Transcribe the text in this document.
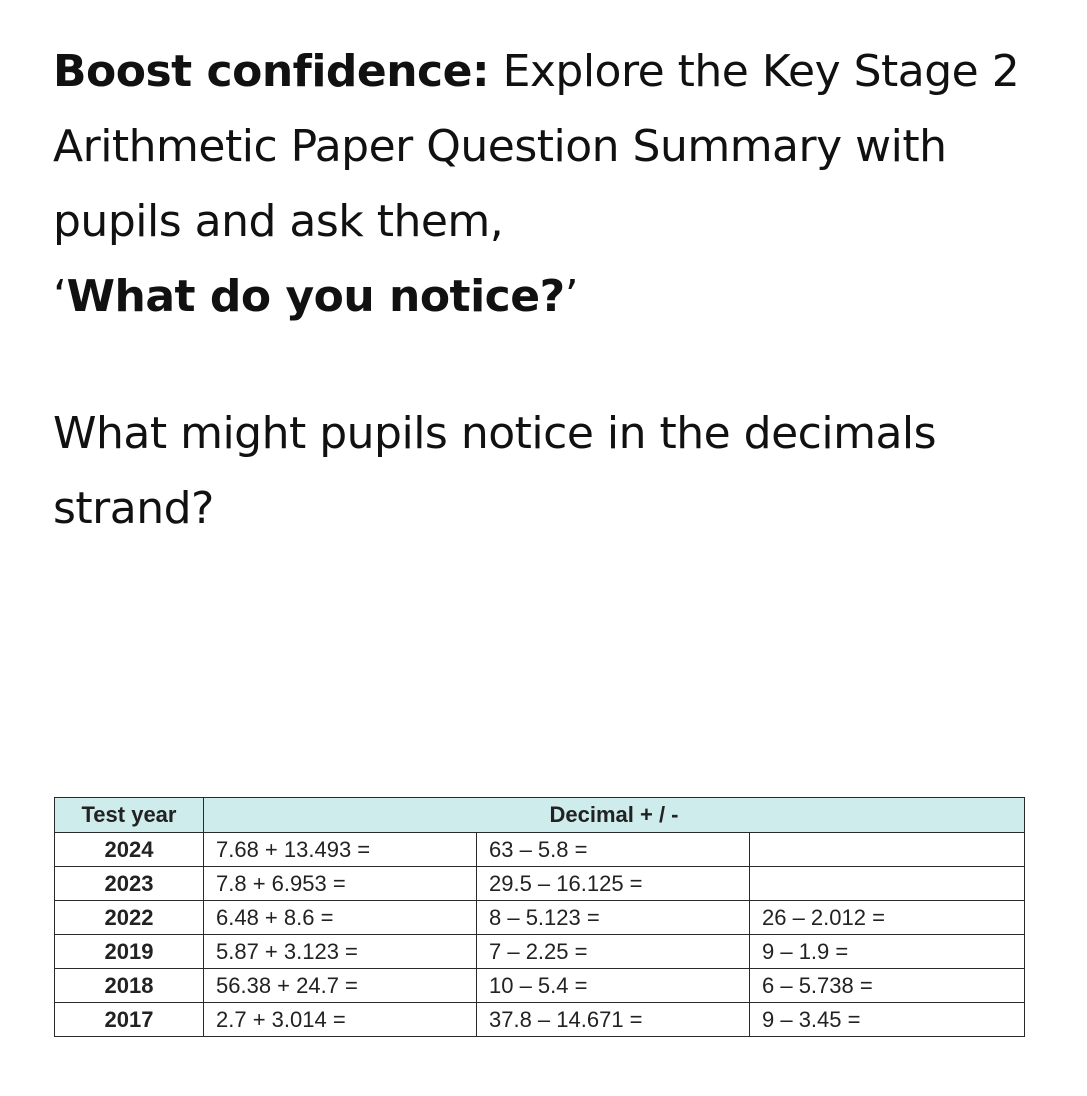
Boost confidence: Explore the Key Stage 2 Arithmetic Paper Question Summary with pupils and ask them,
‘What do you notice?’

What might pupils notice in the decimals strand?

Test year	Decimal + / -		
2024	7.68 + 13.493 =	63 – 5.8 =	
2023	7.8 + 6.953 =	29.5 – 16.125 =	
2022	6.48 + 8.6 =	8 – 5.123 =	26 – 2.012 =
2019	5.87 + 3.123 =	7 – 2.25 =	9 – 1.9 =
2018	56.38 + 24.7 =	10 – 5.4 =	6 – 5.738 =
2017	2.7 + 3.014 =	37.8 – 14.671 =	9 – 3.45 =
